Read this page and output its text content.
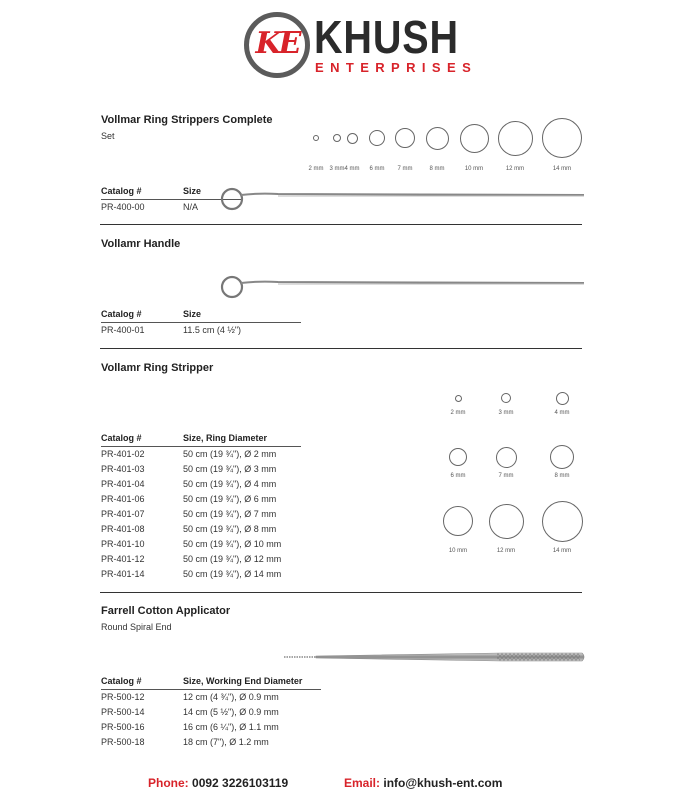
KE KHUSH
ENTERPRISES
Vollmar Ring Strippers Complete
Set
2 mm 3 mm 4 mm 6 mm 7 mm	8 mm	10 mm	12 mm	14 mm
Catalog #	Size
PR-400-00	N/A
Vollamr Handle
Catalog #	Size
PR-400-01	11.5 cm (4 ½")
Vollamr Ring Stripper
2 mm	3 mm	4 mm
6 mm	7 mm	8 mm
10 mm	12 mm	14 mm
Catalog #	Size, Ring Diameter
PR-401-02	50 cm (19 ¾"), Ø 2 mm
PR-401-03	50 cm (19 ¾"), Ø 3 mm
PR-401-04	50 cm (19 ¾"), Ø 4 mm
PR-401-06	50 cm (19 ¾"), Ø 6 mm
PR-401-07	50 cm (19 ¾"), Ø 7 mm
PR-401-08	50 cm (19 ¾"), Ø 8 mm
PR-401-10	50 cm (19 ¾"), Ø 10 mm
PR-401-12	50 cm (19 ¾"), Ø 12 mm
PR-401-14	50 cm (19 ¾"), Ø 14 mm
Farrell Cotton Applicator
Round Spiral End
Catalog #	Size, Working End Diameter
PR-500-12	12 cm (4 ¾"), Ø 0.9 mm
PR-500-14	14 cm (5 ½"), Ø 0.9 mm
PR-500-16	16 cm (6 ¼"), Ø 1.1 mm
PR-500-18	18 cm (7"), Ø 1.2 mm
Phone: 0092 3226103119	Email: info@khush-ent.com
